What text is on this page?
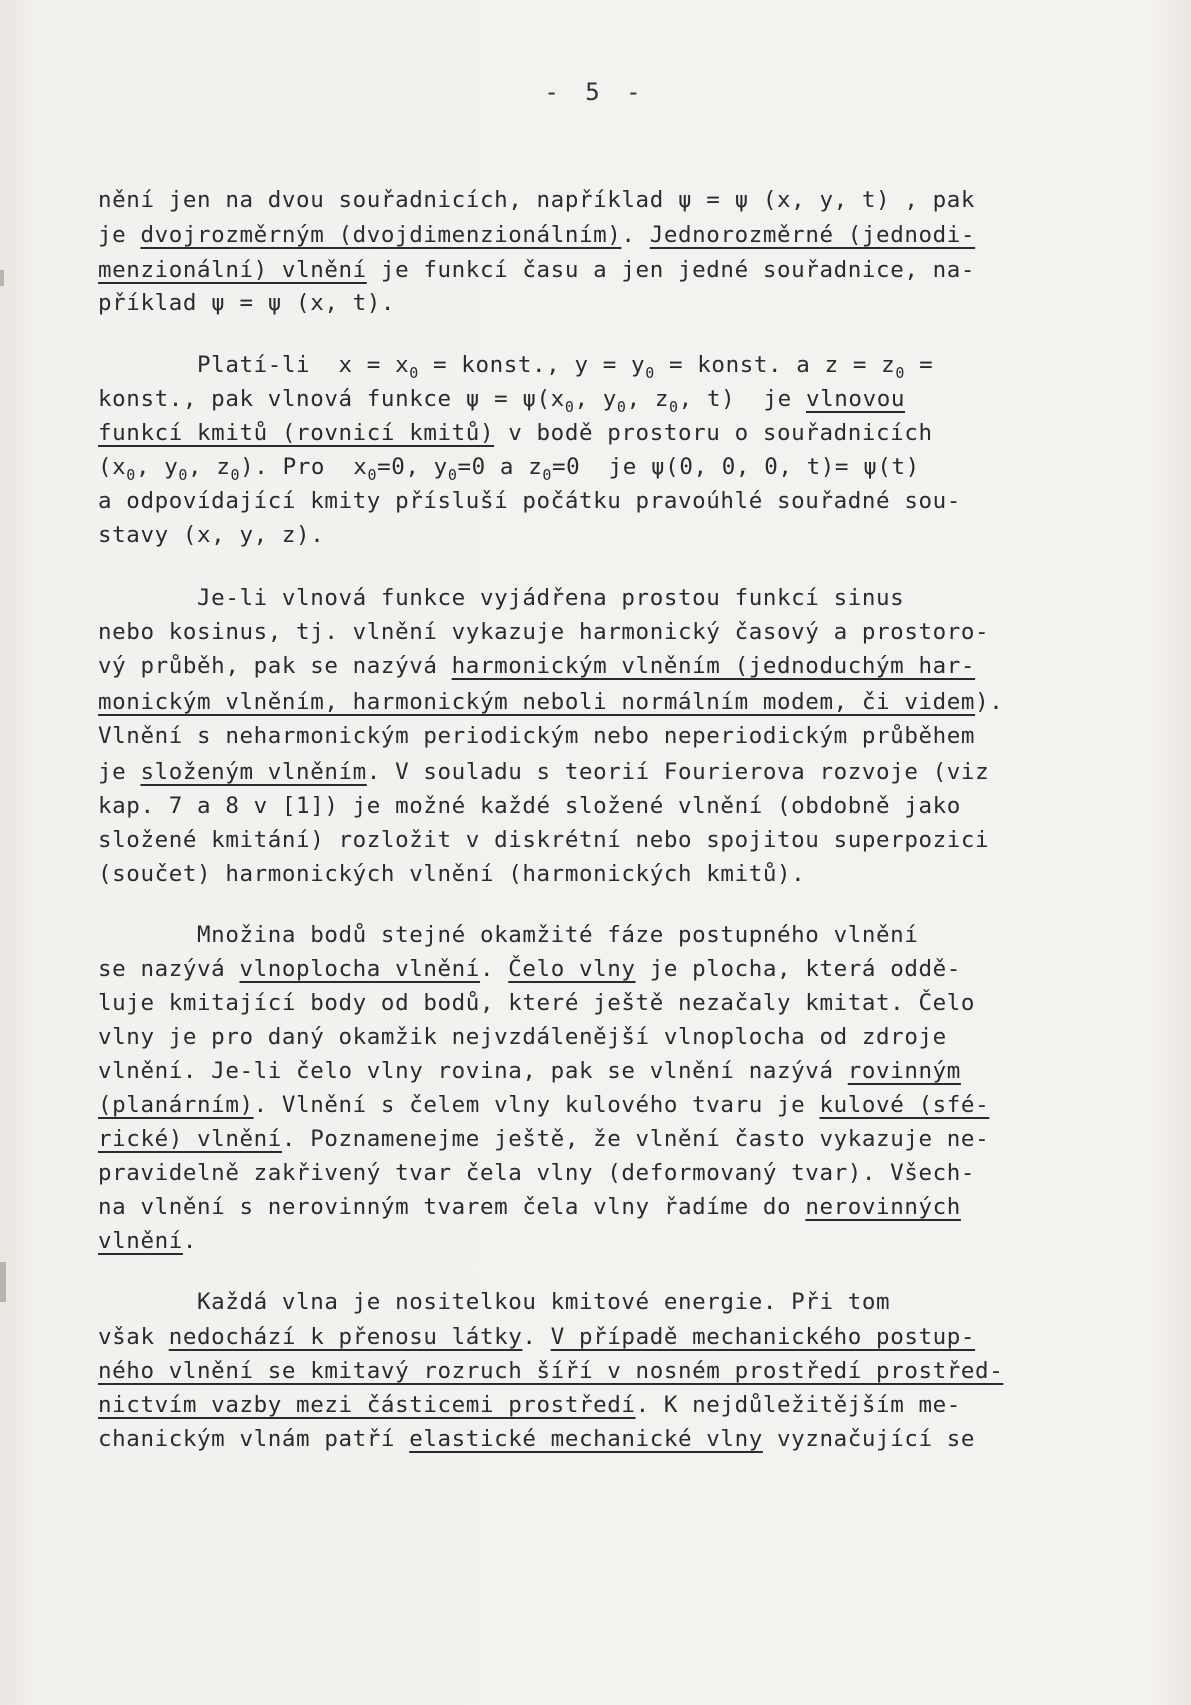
- 5 -
nění jen na dvou souřadnicích, například ψ = ψ (x, y, t) , pak
je dvojrozměrným (dvojdimenzionálním). Jednorozměrné (jednodi-
menzionální) vlnění je funkcí času a jen jedné souřadnice, na-
příklad ψ = ψ (x, t).
Platí-li  $x = x_0$ = konst., $y = y_0$ = konst. a $z = z_0$ =
konst., pak vlnová funkce $\psi = \psi(x_0$, $y_0$, $z_0$, t)  je vlnovou
funkcí kmitů (rovnicí kmitů) v bodě prostoru o souřadnicích
($x_0$, $y_0$, $z_0$). Pro  $x_0=0$, $y_0=0$ a $z_0=0$  je ψ(0, 0, 0, t)= ψ(t)
a odpovídající kmity přísluší počátku pravoúhlé souřadné sou-
stavy (x, y, z).
Je-li vlnová funkce vyjádřena prostou funkcí sinus
nebo kosinus, tj. vlnění vykazuje harmonický časový a prostoro-
vý průběh, pak se nazývá harmonickým vlněním (jednoduchým har-
monickým vlněním, harmonickým neboli normálním modem, či videm).
Vlnění s neharmonickým periodickým nebo neperiodickým průběhem
je složeným vlněním. V souladu s teorií Fourierova rozvoje (viz
kap. 7 a 8 v [1]) je možné každé složené vlnění (obdobně jako
složené kmitání) rozložit v diskrétní nebo spojitou superpozici
(součet) harmonických vlnění (harmonických kmitů).
Množina bodů stejné okamžité fáze postupného vlnění
se nazývá vlnoplocha vlnění. Čelo vlny je plocha, která oddě-
luje kmitající body od bodů, které ještě nezačaly kmitat. Čelo
vlny je pro daný okamžik nejvzdálenější vlnoplocha od zdroje
vlnění. Je-li čelo vlny rovina, pak se vlnění nazývá rovinným
(planárním). Vlnění s čelem vlny kulového tvaru je kulové (sfé-
rické) vlnění. Poznamenejme ještě, že vlnění často vykazuje ne-
pravidelně zakřivený tvar čela vlny (deformovaný tvar). Všech-
na vlnění s nerovinným tvarem čela vlny řadíme do nerovinných
vlnění.
Každá vlna je nositelkou kmitové energie. Při tom
však nedochází k přenosu látky. V případě mechanického postup-
ného vlnění se kmitavý rozruch šíří v nosném prostředí prostřed-
nictvím vazby mezi částicemi prostředí. K nejdůležitějším me-
chanickým vlnám patří elastické mechanické vlny vyznačující se
